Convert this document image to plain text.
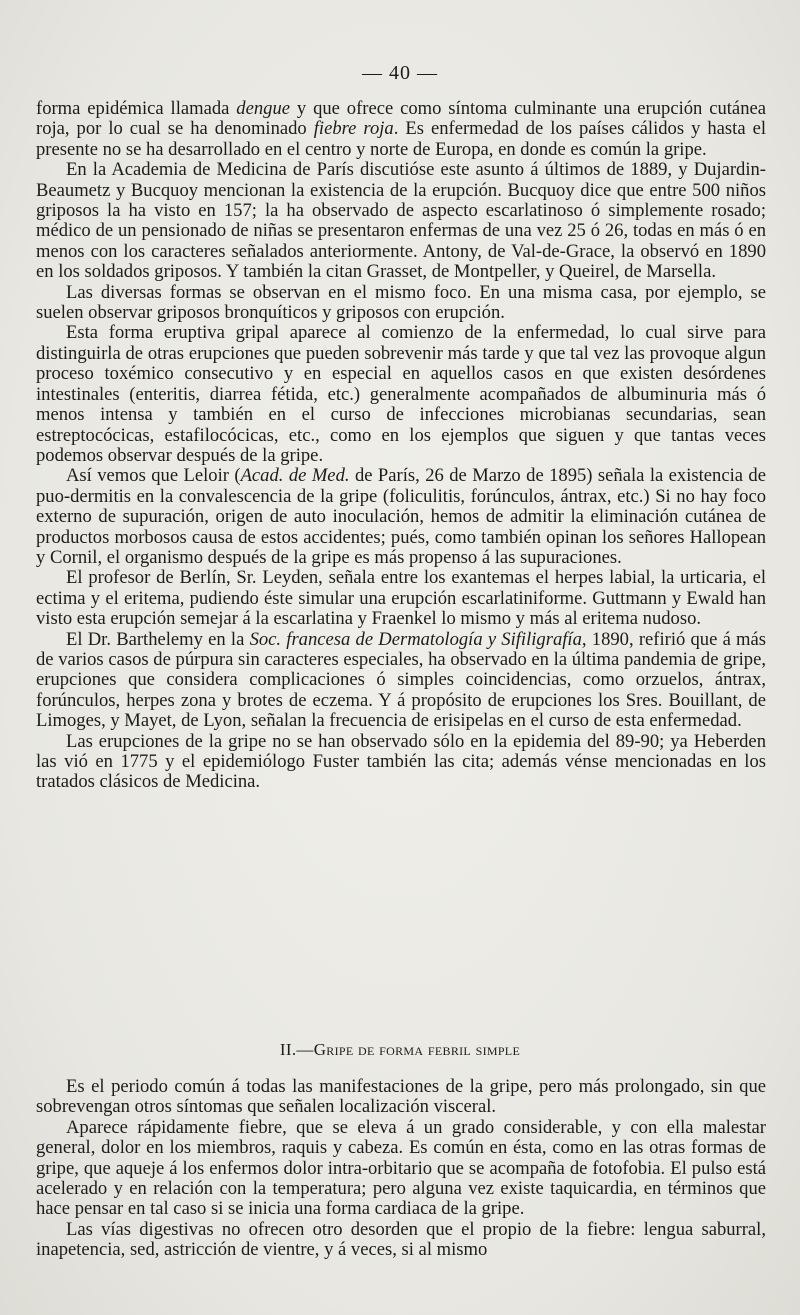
— 40 —

forma epidémica llamada dengue y que ofrece como síntoma culminante una erupción cutánea roja, por lo cual se ha denominado fiebre roja. Es enfermedad de los países cálidos y hasta el presente no se ha desarrollado en el centro y norte de Europa, en donde es común la gripe.

En la Academia de Medicina de París discutióse este asunto á últimos de 1889, y Dujardin-Beaumetz y Bucquoy mencionan la existencia de la erupción. Bucquoy dice que entre 500 niños griposos la ha visto en 157; la ha observado de aspecto escarlatinoso ó simplemente rosado; médico de un pensionado de niñas se presentaron enfermas de una vez 25 ó 26, todas en más ó en menos con los caracteres señalados anteriormente. Antony, de Val-de-Grace, la observó en 1890 en los soldados griposos. Y también la citan Grasset, de Montpeller, y Queirel, de Marsella.

Las diversas formas se observan en el mismo foco. En una misma casa, por ejemplo, se suelen observar griposos bronquíticos y griposos con erupción.

Esta forma eruptiva gripal aparece al comienzo de la enfermedad, lo cual sirve para distinguirla de otras erupciones que pueden sobrevenir más tarde y que tal vez las provoque algun proceso toxémico consecutivo y en especial en aquellos casos en que existen desórdenes intestinales (enteritis, diarrea fétida, etc.) generalmente acompañados de albuminuria más ó menos intensa y también en el curso de infecciones microbianas secundarias, sean estreptocócicas, estafilocócicas, etc., como en los ejemplos que siguen y que tantas veces podemos observar después de la gripe.

Así vemos que Leloir (Acad. de Med. de París, 26 de Marzo de 1895) señala la existencia de puo-dermitis en la convalescencia de la gripe (foliculitis, forúnculos, ántrax, etc.) Si no hay foco externo de supuración, origen de auto inoculación, hemos de admitir la eliminación cutánea de productos morbosos causa de estos accidentes; pués, como también opinan los señores Hallopean y Cornil, el organismo después de la gripe es más propenso á las supuraciones.

El profesor de Berlín, Sr. Leyden, señala entre los exantemas el herpes labial, la urticaria, el ectima y el eritema, pudiendo éste simular una erupción escarlatiniforme. Guttmann y Ewald han visto esta erupción semejar á la escarlatina y Fraenkel lo mismo y más al eritema nudoso.

El Dr. Barthelemy en la Soc. francesa de Dermatología y Sifiligrafía, 1890, refirió que á más de varios casos de púrpura sin caracteres especiales, ha observado en la última pandemia de gripe, erupciones que considera complicaciones ó simples coincidencias, como orzuelos, ántrax, forúnculos, herpes zona y brotes de eczema. Y á propósito de erupciones los Sres. Bouillant, de Limoges, y Mayet, de Lyon, señalan la frecuencia de erisipelas en el curso de esta enfermedad.

Las erupciones de la gripe no se han observado sólo en la epidemia del 89-90; ya Heberden las vió en 1775 y el epidemiólogo Fuster también las cita; además vénse mencionadas en los tratados clásicos de Medicina.

II.—Gripe de forma febril simple

Es el periodo común á todas las manifestaciones de la gripe, pero más prolongado, sin que sobrevengan otros síntomas que señalen localización visceral.

Aparece rápidamente fiebre, que se eleva á un grado considerable, y con ella malestar general, dolor en los miembros, raquis y cabeza. Es común en ésta, como en las otras formas de gripe, que aqueje á los enfermos dolor intra-orbitario que se acompaña de fotofobia. El pulso está acelerado y en relación con la temperatura; pero alguna vez existe taquicardia, en términos que hace pensar en tal caso si se inicia una forma cardiaca de la gripe.

Las vías digestivas no ofrecen otro desorden que el propio de la fiebre: lengua saburral, inapetencia, sed, astricción de vientre, y á veces, si al mismo
